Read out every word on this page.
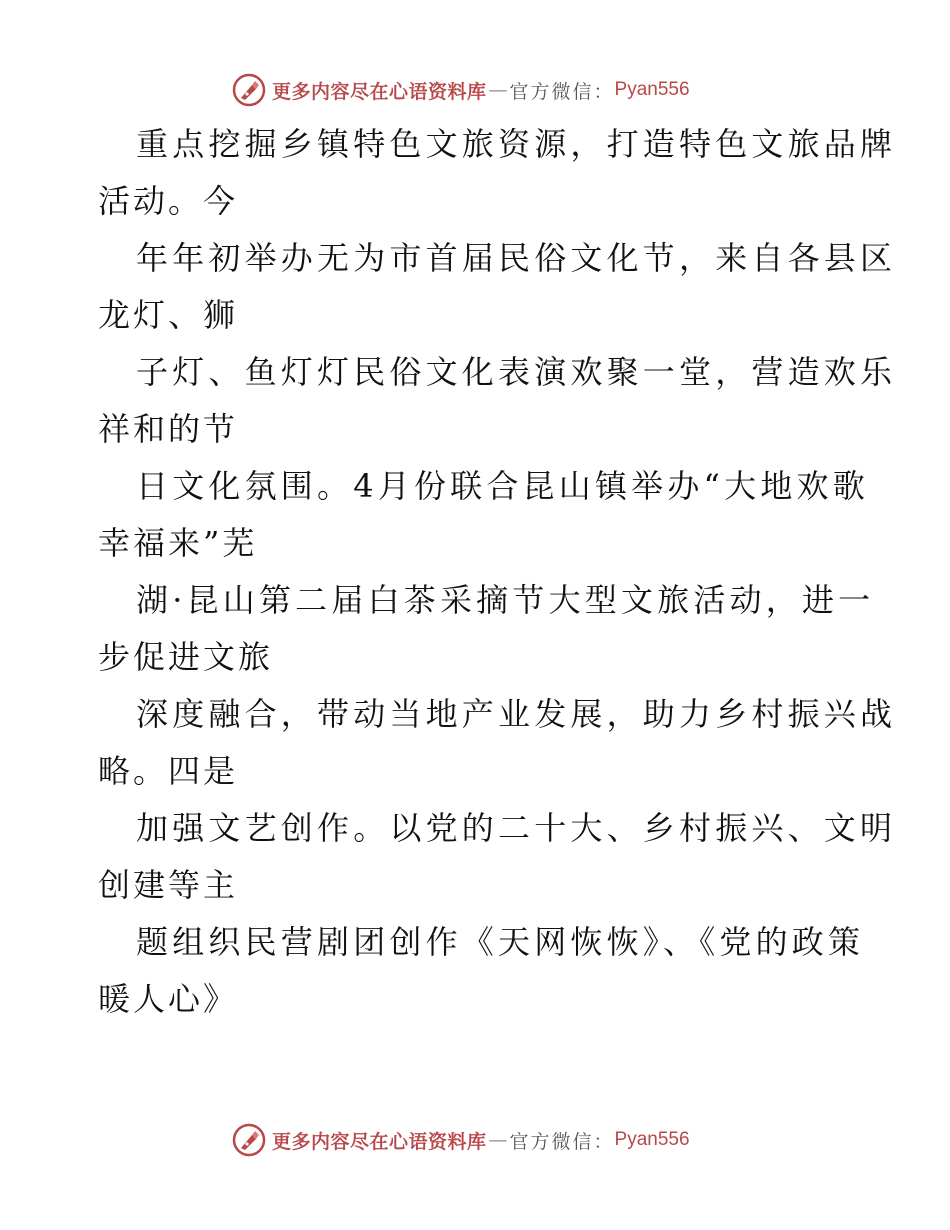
更多内容尽在心语资料库 — 官方微信： Pyan556
重点挖掘乡镇特色文旅资源，打造特色文旅品牌
活动。今
年年初举办无为市首届民俗文化节，来自各县区
龙灯、狮
子灯、鱼灯灯民俗文化表演欢聚一堂，营造欢乐
祥和的节
日文化氛围。4月份联合昆山镇举办“大地欢歌
幸福来”芜
湖·昆山第二届白茶采摘节大型文旅活动，进一
步促进文旅
深度融合，带动当地产业发展，助力乡村振兴战
略。四是
加强文艺创作。以党的二十大、乡村振兴、文明
创建等主
题组织民营剧团创作《天网恢恢》、《党的政策
暖人心》
更多内容尽在心语资料库 — 官方微信： Pyan556
